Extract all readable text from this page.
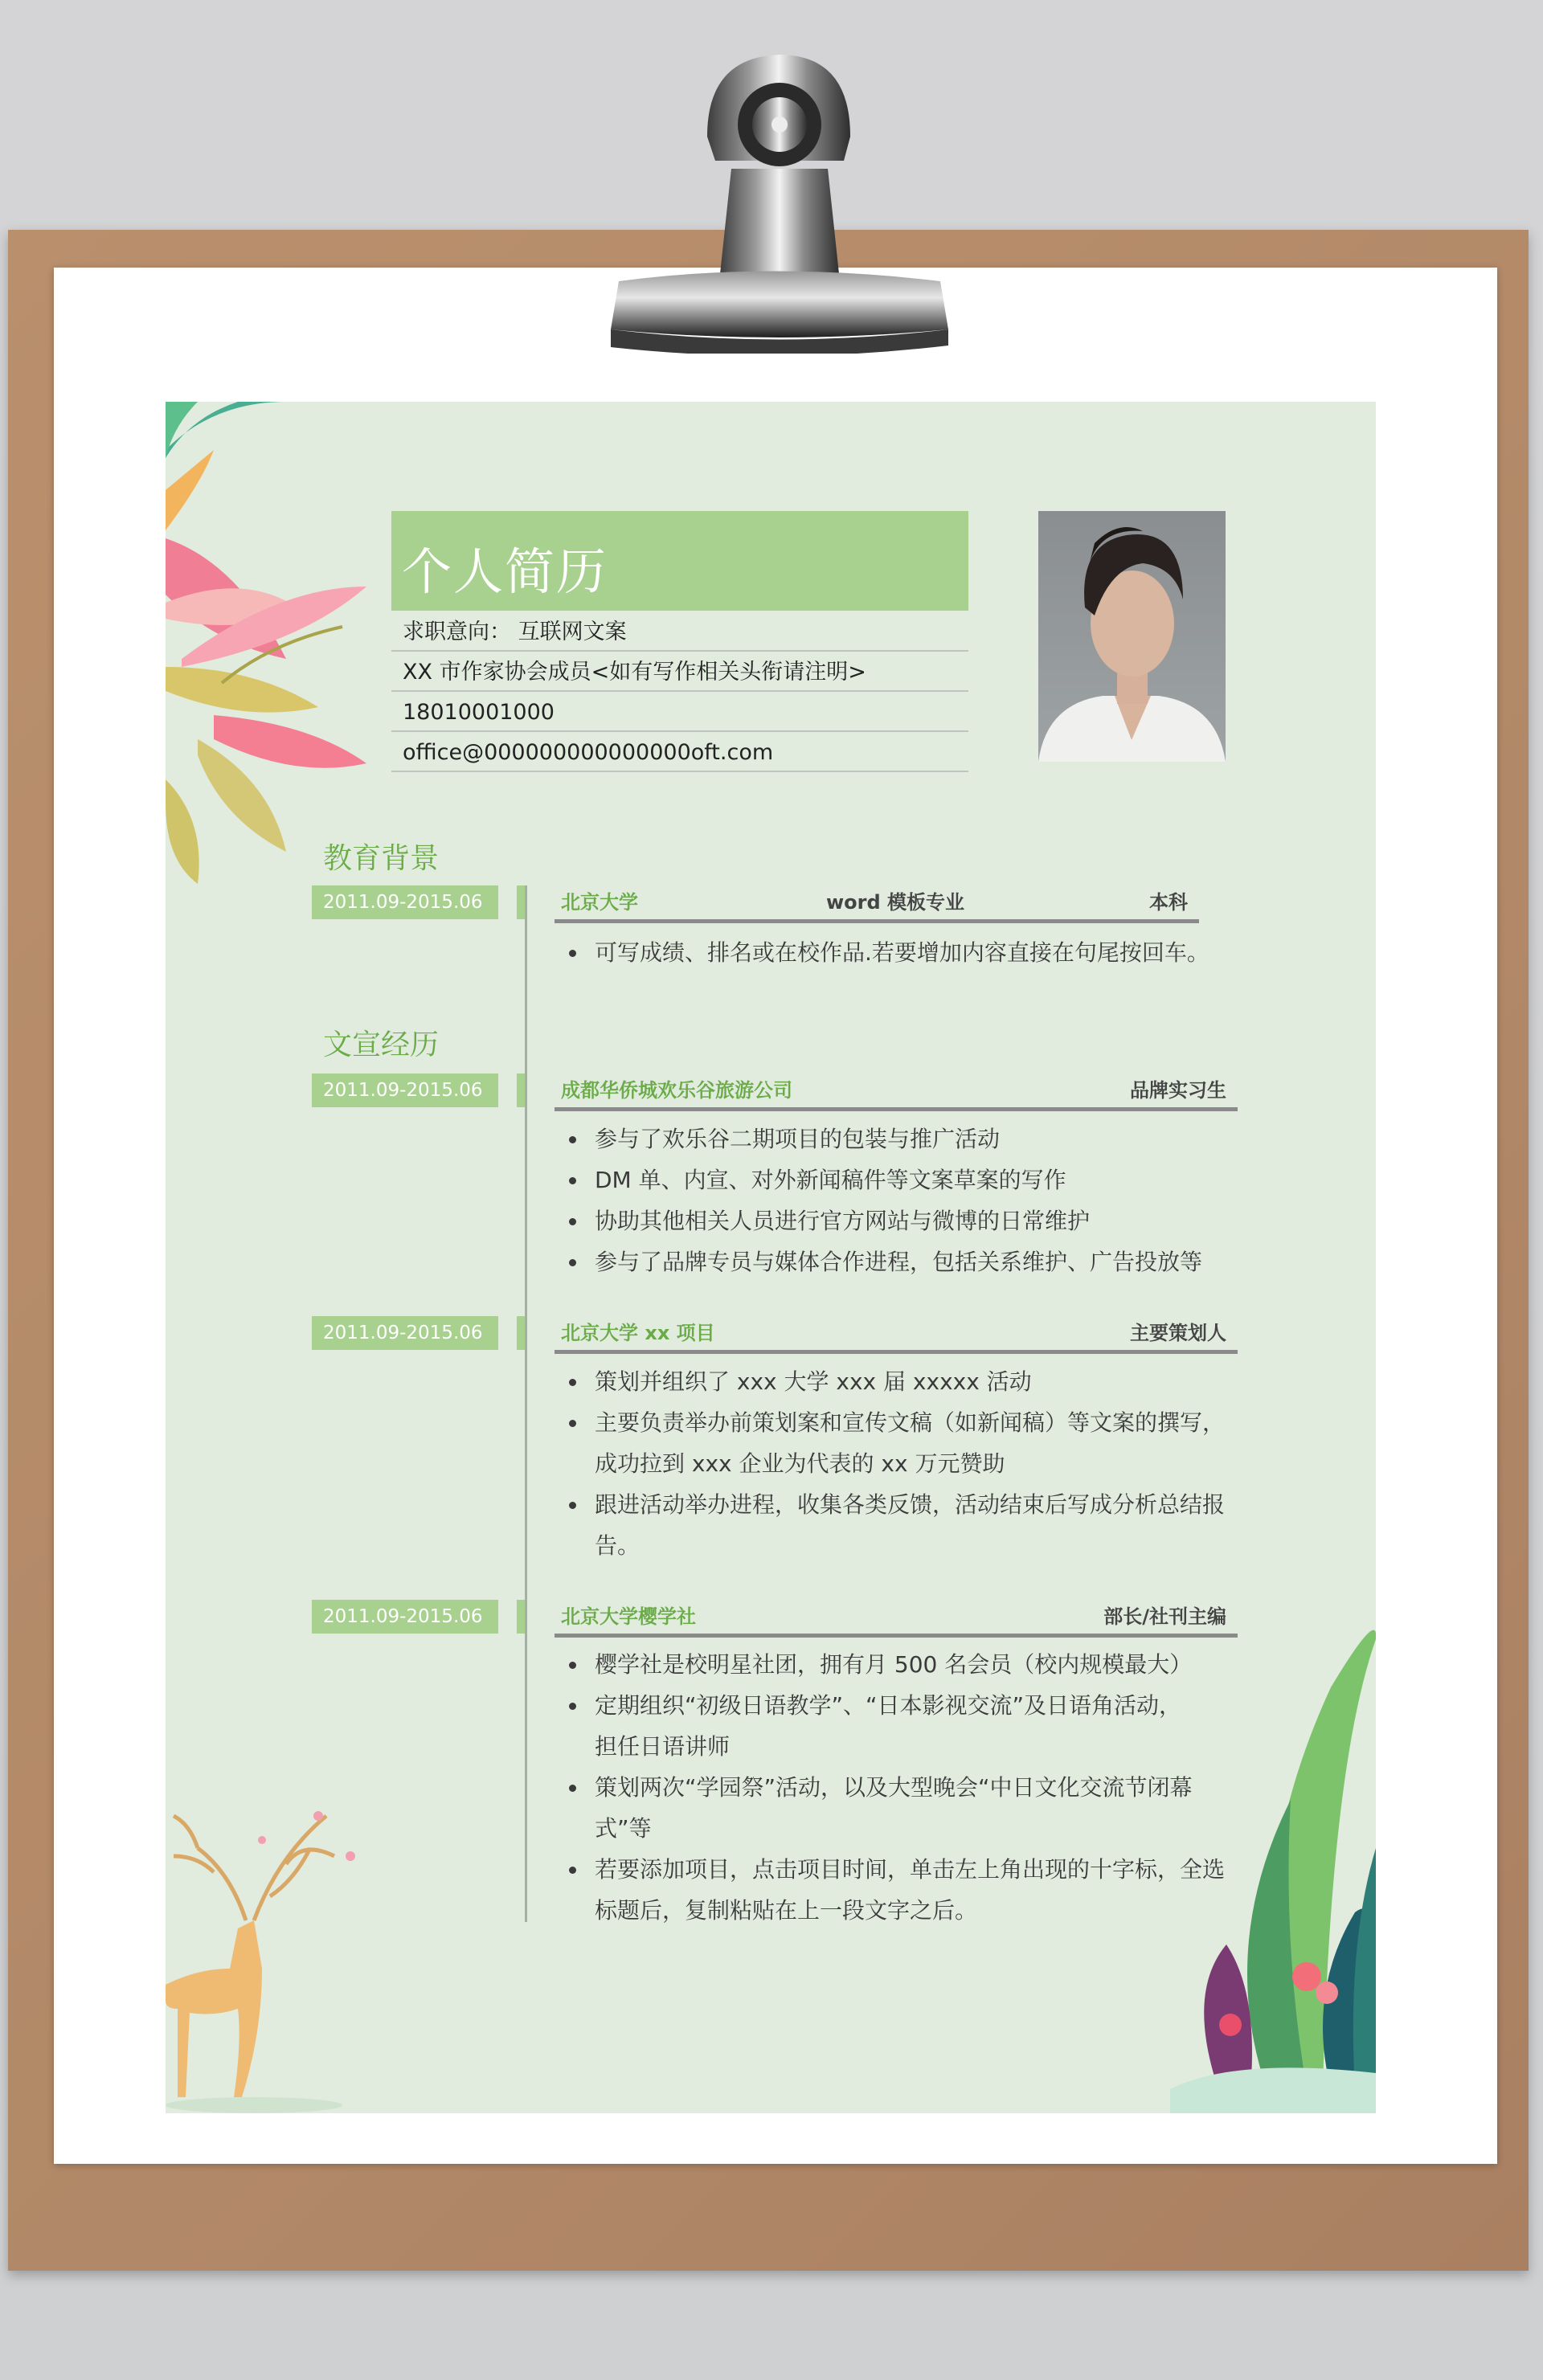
个人简历
求职意向： 互联网文案
XX 市作家协会成员<如有写作相关头衔请注明>
18010001000
office@000000000000000oft.com
教育背景
2011.09-2015.06	北京大学	word 模板专业	本科
可写成绩、排名或在校作品.若要增加内容直接在句尾按回车。
文宣经历
2011.09-2015.06	成都华侨城欢乐谷旅游公司	品牌实习生
参与了欢乐谷二期项目的包装与推广活动
DM 单、内宣、对外新闻稿件等文案草案的写作
协助其他相关人员进行官方网站与微博的日常维护
参与了品牌专员与媒体合作进程，包括关系维护、广告投放等
2011.09-2015.06	北京大学 xx 项目	主要策划人
策划并组织了 xxx 大学 xxx 届 xxxxx 活动
主要负责举办前策划案和宣传文稿（如新闻稿）等文案的撰写，
成功拉到 xxx 企业为代表的 xx 万元赞助
跟进活动举办进程，收集各类反馈，活动结束后写成分析总结报
告。
2011.09-2015.06	北京大学樱学社	部长/社刊主编
樱学社是校明星社团，拥有月 500 名会员（校内规模最大）
定期组织“初级日语教学”、“日本影视交流”及日语角活动，
担任日语讲师
策划两次“学园祭”活动，以及大型晚会“中日文化交流节闭幕
式”等
若要添加项目，点击项目时间，单击左上角出现的十字标，全选
标题后，复制粘贴在上一段文字之后。
